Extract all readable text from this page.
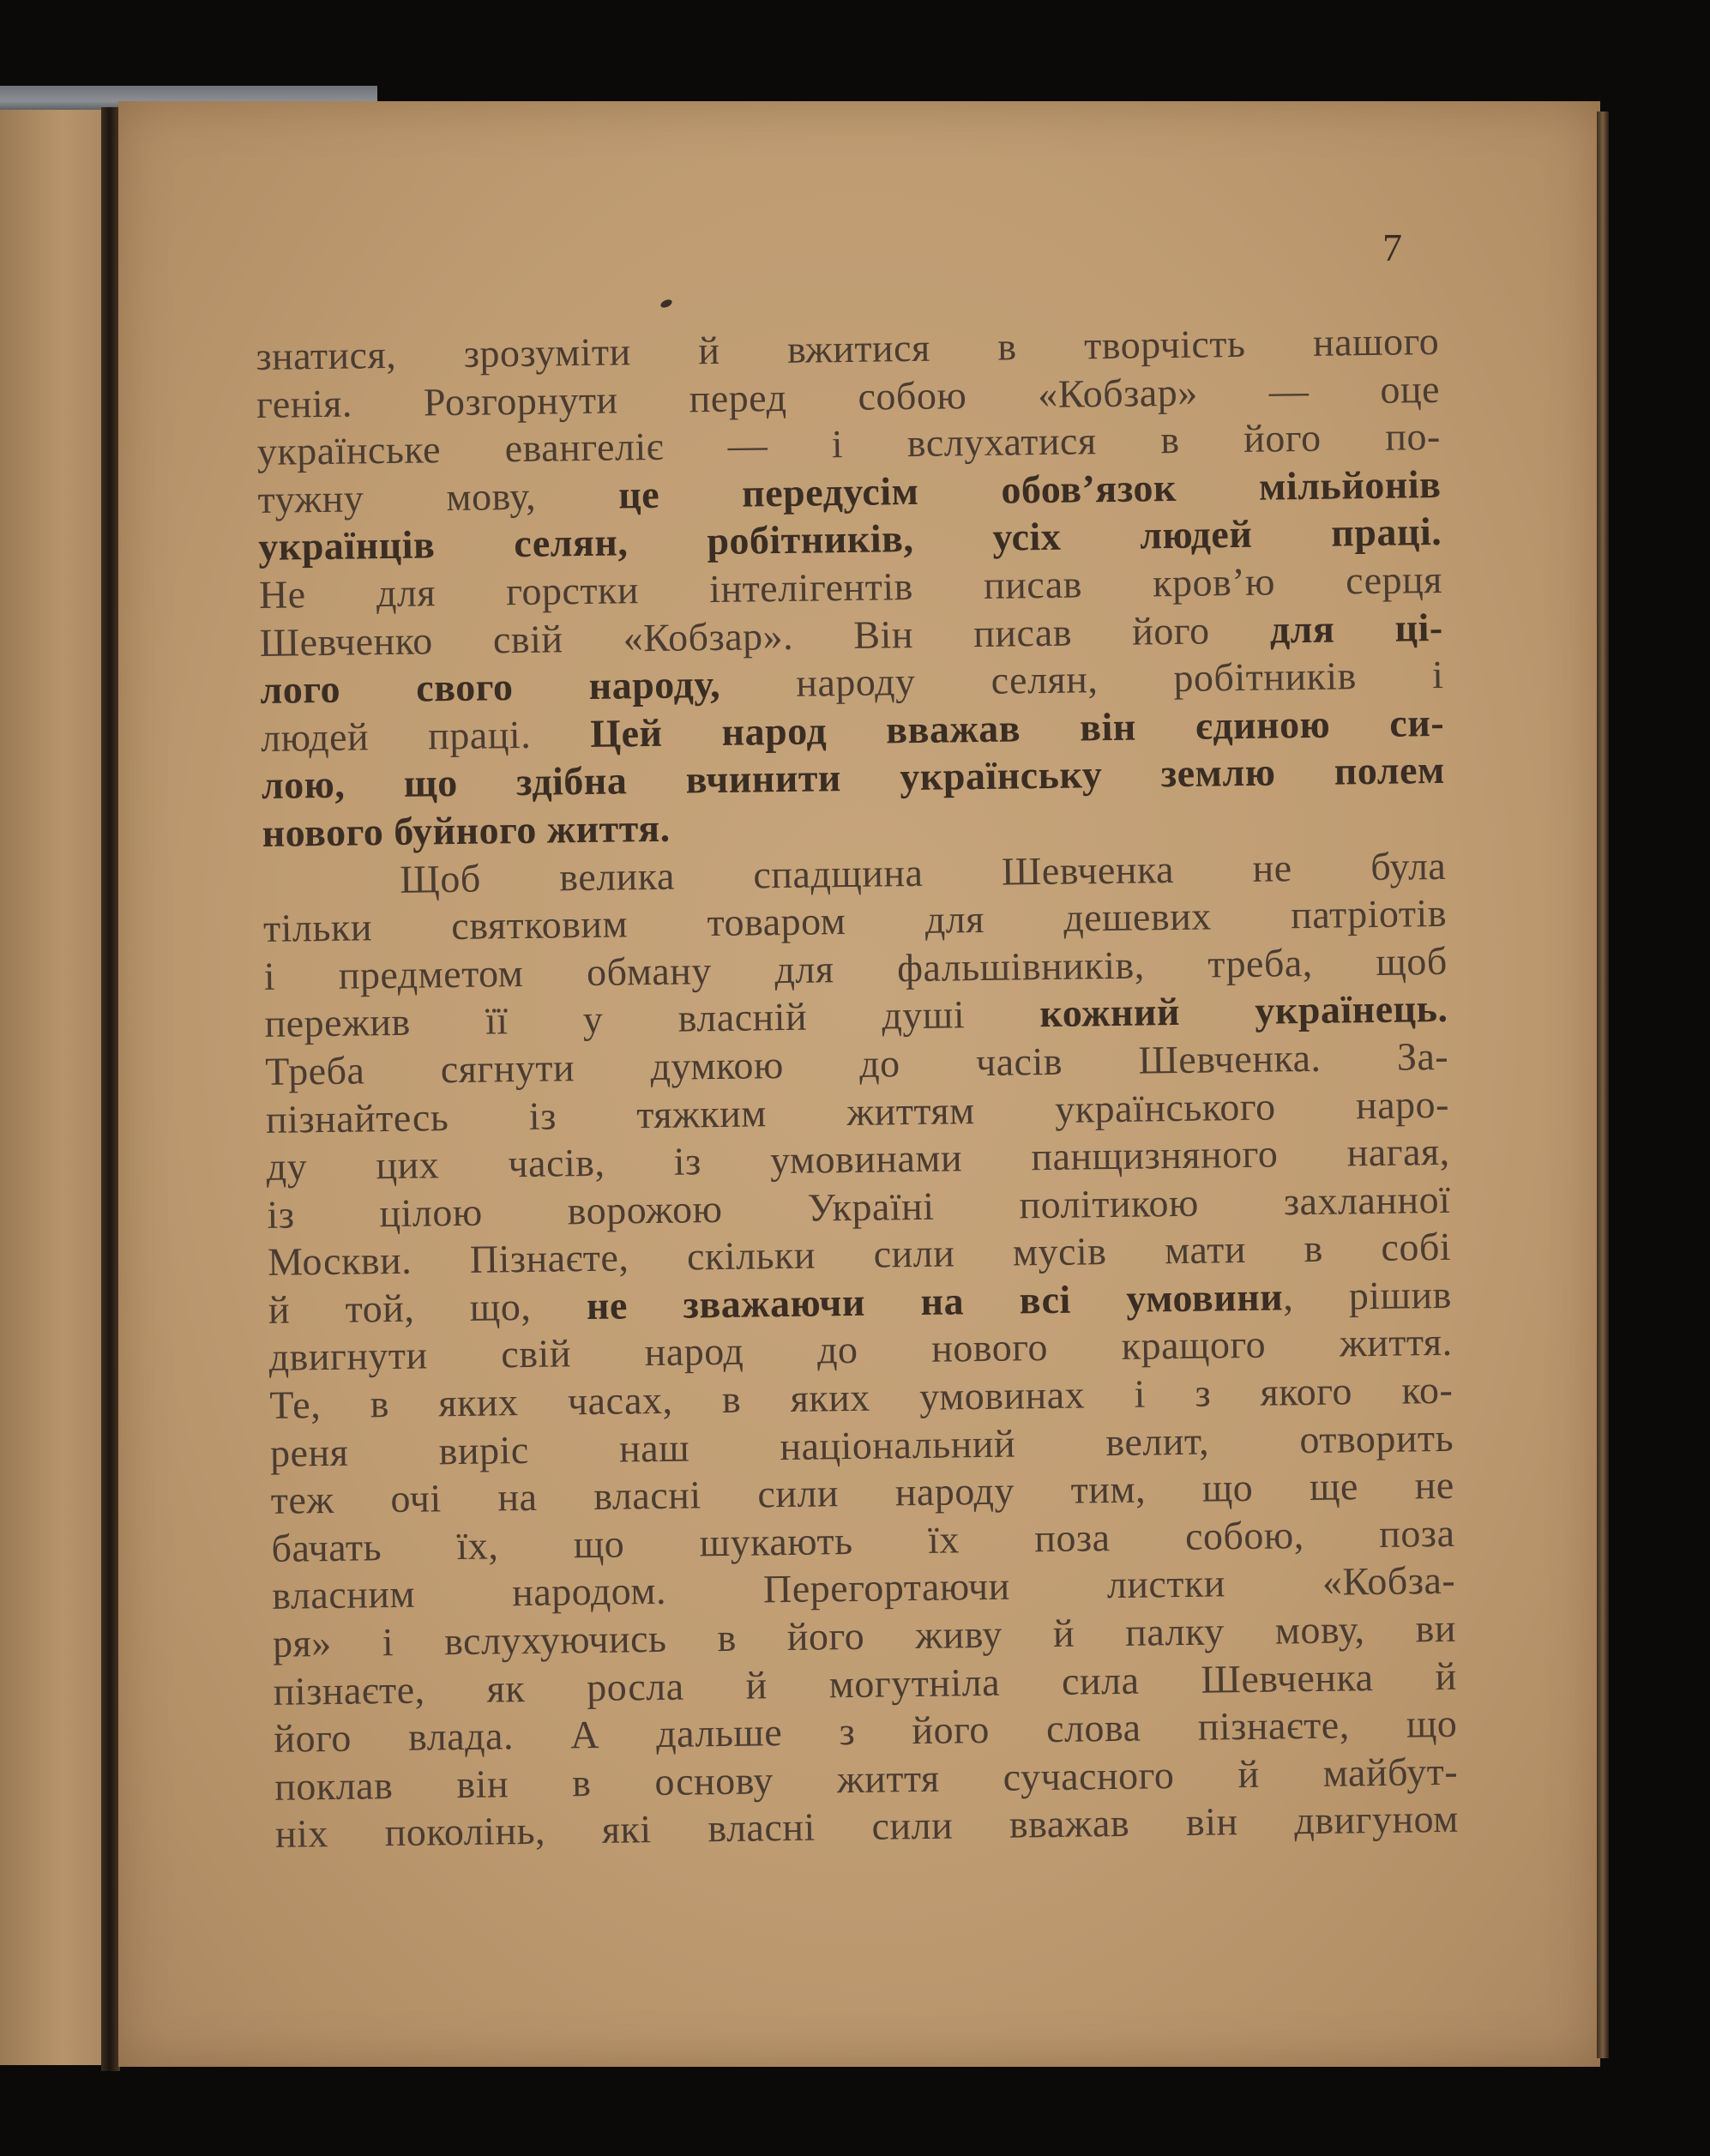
7

знатися, зрозуміти й вжитися в творчість нашого
генія. Розгорнути перед собою «Кобзар» — оце
українське евангеліє — і вслухатися в його по-
тужну мову, це передусім обов’язок мільйонів
українців селян, робітників, усіх людей праці.
Не для горстки інтелігентів писав кров’ю серця
Шевченко свій «Кобзар». Він писав його для ці-
лого свого народу, народу селян, робітників і
людей праці. Цей народ вважав він єдиною си-
лою, що здібна вчинити українську землю полем
нового буйного життя.
Щоб велика спадщина Шевченка не була
тільки святковим товаром для дешевих патріотів
і предметом обману для фальшівників, треба, щоб
пережив її у власній душі кожний українець.
Треба сягнути думкою до часів Шевченка. За-
пізнайтесь із тяжким життям українського наро-
ду цих часів, із умовинами панщизняного нагая,
із цілою ворожою Україні політикою захланної
Москви. Пізнаєте, скільки сили мусів мати в собі
й той, що, не зважаючи на всі умовини, рішив
двигнути свій народ до нового кращого життя.
Те, в яких часах, в яких умовинах і з якого ко-
реня виріс наш національний велит, отворить
теж очі на власні сили народу тим, що ще не
бачать їх, що шукають їх поза собою, поза
власним народом. Перегортаючи листки «Кобза-
ря» і вслухуючись в його живу й палку мову, ви
пізнаєте, як росла й могутніла сила Шевченка й
його влада. А дальше з його слова пізнаєте, що
поклав він в основу життя сучасного й майбут-
ніх поколінь, які власні сили вважав він двигуном
